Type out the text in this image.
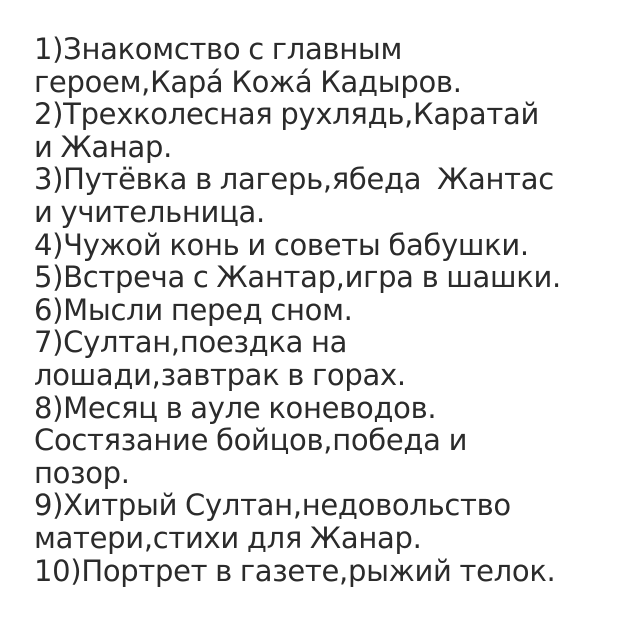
1)Знакомство с главным
героем,Кара́ Кожа́ Кадыров.
2)Трехколесная рухлядь,Каратай
и Жанар.
3)Путёвка в лагерь,ябеда  Жантас
и учительница.
4)Чужой конь и советы бабушки.
5)Встреча с Жантар,игра в шашки.
6)Мысли перед сном.
7)Султан,поездка на
лошади,завтрак в горах.
8)Месяц в ауле коневодов.
Состязание бойцов,победа и
позор.
9)Хитрый Султан,недовольство
матери,стихи для Жанар.
10)Портрет в газете,рыжий телок.
